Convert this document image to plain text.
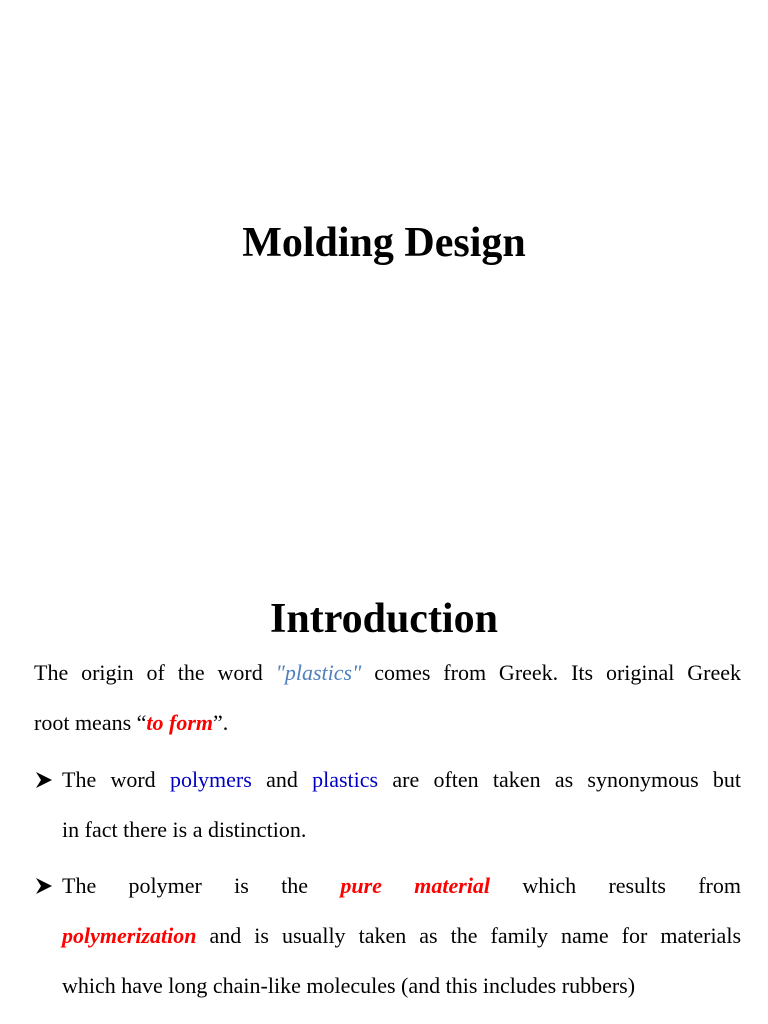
Molding Design
Introduction
The origin of the word "plastics" comes from Greek. Its original Greek
root means “to form”.
The word polymers and plastics are often taken as synonymous but
in fact there is a distinction.
The polymer is the pure material which results from
polymerization and is usually taken as the family name for materials
which have long chain-like molecules (and this includes rubbers)
